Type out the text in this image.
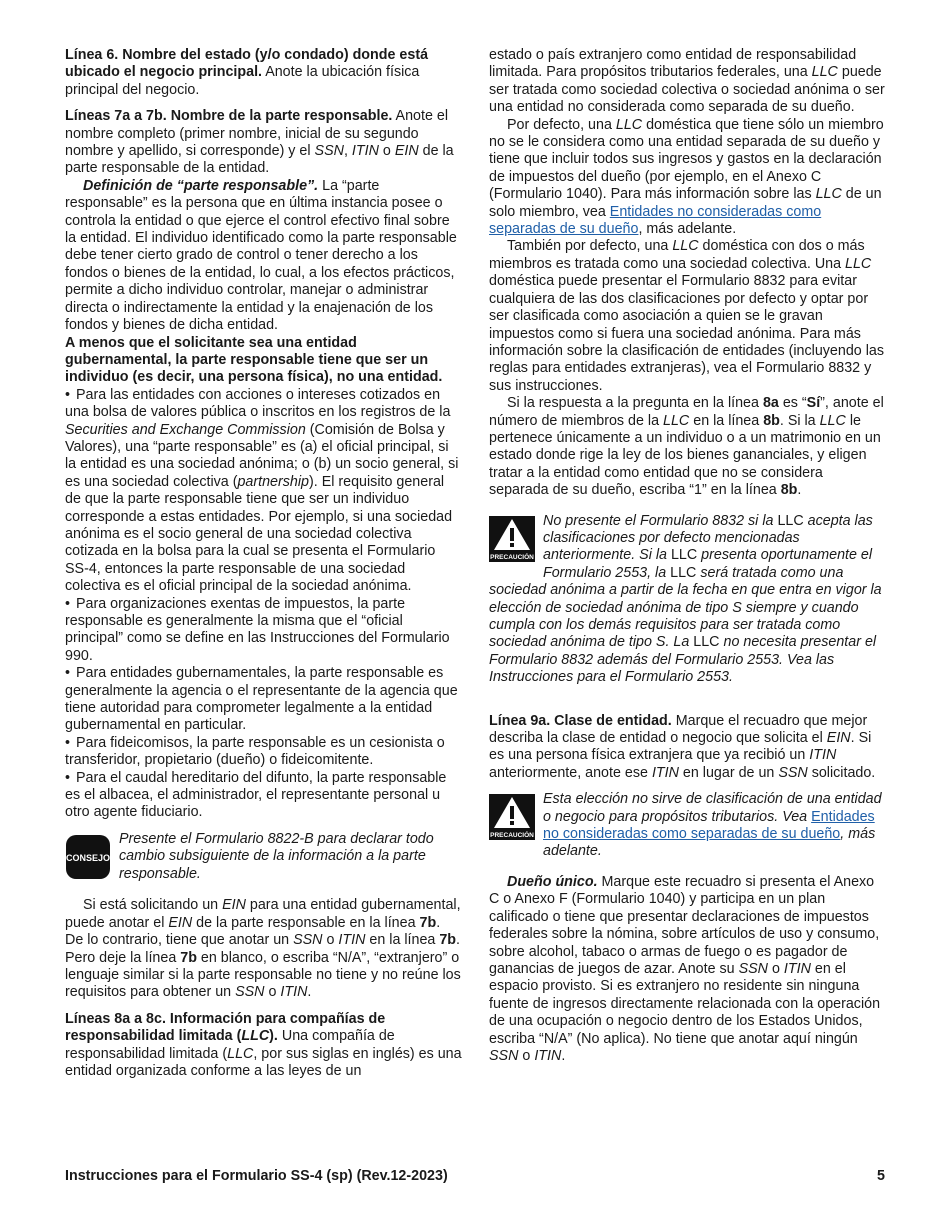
Línea 6. Nombre del estado (y/o condado) donde está ubicado el negocio principal. Anote la ubicación física principal del negocio.

Líneas 7a a 7b. Nombre de la parte responsable. Anote el nombre completo (primer nombre, inicial de su segundo nombre y apellido, si corresponde) y el SSN, ITIN o EIN de la parte responsable de la entidad.

Definición de “parte responsable”. La “parte responsable” es la persona que en última instancia posee o controla la entidad o que ejerce el control efectivo final sobre la entidad. El individuo identificado como la parte responsable debe tener cierto grado de control o tener derecho a los fondos o bienes de la entidad, lo cual, a los efectos prácticos, permite a dicho individuo controlar, manejar o administrar directa o indirectamente la entidad y la enajenación de los fondos y bienes de dicha entidad.

A menos que el solicitante sea una entidad gubernamental, la parte responsable tiene que ser un individuo (es decir, una persona física), no una entidad.

• Para las entidades con acciones o intereses cotizados en una bolsa de valores pública o inscritos en los registros de la Securities and Exchange Commission (Comisión de Bolsa y Valores), una “parte responsable” es (a) el oficial principal, si la entidad es una sociedad anónima; o (b) un socio general, si es una sociedad colectiva (partnership). El requisito general de que la parte responsable tiene que ser un individuo corresponde a estas entidades. Por ejemplo, si una sociedad anónima es el socio general de una sociedad colectiva cotizada en la bolsa para la cual se presenta el Formulario SS-4, entonces la parte responsable de una sociedad colectiva es el oficial principal de la sociedad anónima.

• Para organizaciones exentas de impuestos, la parte responsable es generalmente la misma que el “oficial principal” como se define en las Instrucciones del Formulario 990.

• Para entidades gubernamentales, la parte responsable es generalmente la agencia o el representante de la agencia que tiene autoridad para comprometer legalmente a la entidad gubernamental en particular.

• Para fideicomisos, la parte responsable es un cesionista o transferidor, propietario (dueño) o fideicomitente.

• Para el caudal hereditario del difunto, la parte responsable es el albacea, el administrador, el representante personal u otro agente fiduciario.

CONSEJO

Presente el Formulario 8822-B para declarar todo cambio subsiguiente de la información a la parte responsable.

Si está solicitando un EIN para una entidad gubernamental, puede anotar el EIN de la parte responsable en la línea 7b. De lo contrario, tiene que anotar un SSN o ITIN en la línea 7b. Pero deje la línea 7b en blanco, o escriba “N/A”, “extranjero” o lenguaje similar si la parte responsable no tiene y no reúne los requisitos para obtener un SSN o ITIN.

Líneas 8a a 8c. Información para compañías de responsabilidad limitada (LLC). Una compañía de responsabilidad limitada (LLC, por sus siglas en inglés) es una entidad organizada conforme a las leyes de un

estado o país extranjero como entidad de responsabilidad limitada. Para propósitos tributarios federales, una LLC puede ser tratada como sociedad colectiva o sociedad anónima o ser una entidad no considerada como separada de su dueño.

Por defecto, una LLC doméstica que tiene sólo un miembro no se le considera como una entidad separada de su dueño y tiene que incluir todos sus ingresos y gastos en la declaración de impuestos del dueño (por ejemplo, en el Anexo C (Formulario 1040). Para más información sobre las LLC de un solo miembro, vea Entidades no consideradas como separadas de su dueño, más adelante.

También por defecto, una LLC doméstica con dos o más miembros es tratada como una sociedad colectiva. Una LLC doméstica puede presentar el Formulario 8832 para evitar cualquiera de las dos clasificaciones por defecto y optar por ser clasificada como asociación a quien se le gravan impuestos como si fuera una sociedad anónima. Para más información sobre la clasificación de entidades (incluyendo las reglas para entidades extranjeras), vea el Formulario 8832 y sus instrucciones.

Si la respuesta a la pregunta en la línea 8a es “Sí”, anote el número de miembros de la LLC en la línea 8b. Si la LLC le pertenece únicamente a un individuo o a un matrimonio en un estado donde rige la ley de los bienes gananciales, y eligen tratar a la entidad como entidad que no se considera separada de su dueño, escriba “1” en la línea 8b.

PRECAUCIÓN

No presente el Formulario 8832 si la LLC acepta las clasificaciones por defecto mencionadas anteriormente. Si la LLC presenta oportunamente el Formulario 2553, la LLC será tratada como una sociedad anónima a partir de la fecha en que entra en vigor la elección de sociedad anónima de tipo S siempre y cuando cumpla con los demás requisitos para ser tratada como sociedad anónima de tipo S. La LLC no necesita presentar el Formulario 8832 además del Formulario 2553. Vea las Instrucciones para el Formulario 2553.

Línea 9a. Clase de entidad. Marque el recuadro que mejor describa la clase de entidad o negocio que solicita el EIN. Si es una persona física extranjera que ya recibió un ITIN anteriormente, anote ese ITIN en lugar de un SSN solicitado.

PRECAUCIÓN

Esta elección no sirve de clasificación de una entidad o negocio para propósitos tributarios. Vea Entidades no consideradas como separadas de su dueño, más adelante.

Dueño único. Marque este recuadro si presenta el Anexo C o Anexo F (Formulario 1040) y participa en un plan calificado o tiene que presentar declaraciones de impuestos federales sobre la nómina, sobre artículos de uso y consumo, sobre alcohol, tabaco o armas de fuego o es pagador de ganancias de juegos de azar. Anote su SSN o ITIN en el espacio provisto. Si es extranjero no residente sin ninguna fuente de ingresos directamente relacionada con la operación de una ocupación o negocio dentro de los Estados Unidos, escriba “N/A” (No aplica). No tiene que anotar aquí ningún SSN o ITIN.

Instrucciones para el Formulario SS-4 (sp) (Rev.12-2023)	5
